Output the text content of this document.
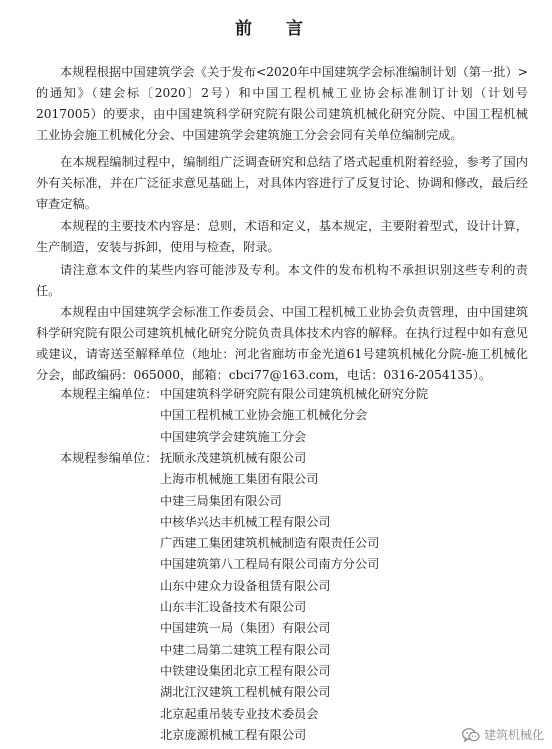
前 言

本规程根据中国建筑学会《关于发布<2020年中国建筑学会标准编制计划（第一批）>的通知》（建会标〔2020〕2号）和中国工程机械工业协会标准制订计划（计划号2017005）的要求，由中国建筑科学研究院有限公司建筑机械化研究分院、中国工程机械工业协会施工机械化分会、中国建筑学会建筑施工分会会同有关单位编制完成。

在本规程编制过程中，编制组广泛调查研究和总结了塔式起重机附着经验，参考了国内外有关标准，并在广泛征求意见基础上，对具体内容进行了反复讨论、协调和修改，最后经审查定稿。

本规程的主要技术内容是：总则，术语和定义，基本规定，主要附着型式，设计计算，生产制造，安装与拆卸，使用与检查，附录。

请注意本文件的某些内容可能涉及专利。本文件的发布机构不承担识别这些专利的责任。

本规程由中国建筑学会标准工作委员会、中国工程机械工业协会负责管理，由中国建筑科学研究院有限公司建筑机械化研究分院负责具体技术内容的解释。在执行过程中如有意见或建议，请寄送至解释单位（地址：河北省廊坊市金光道61号建筑机械化分院-施工机械化分会，邮政编码：065000，邮箱：cbci77@163.com，电话：0316-2054135）。

本规程主编单位： 中国建筑科学研究院有限公司建筑机械化研究分院
中国工程机械工业协会施工机械化分会
中国建筑学会建筑施工分会
本规程参编单位： 抚顺永茂建筑机械有限公司
上海市机械施工集团有限公司
中建三局集团有限公司
中核华兴达丰机械工程有限公司
广西建工集团建筑机械制造有限责任公司
中国建筑第八工程局有限公司南方分公司
山东中建众力设备租赁有限公司
山东丰汇设备技术有限公司
中国建筑一局（集团）有限公司
中建二局第二建筑工程有限公司
中铁建设集团北京工程有限公司
湖北江汉建筑工程机械有限公司
北京起重吊装专业技术委员会
北京庞源机械工程有限公司	建筑机械化
